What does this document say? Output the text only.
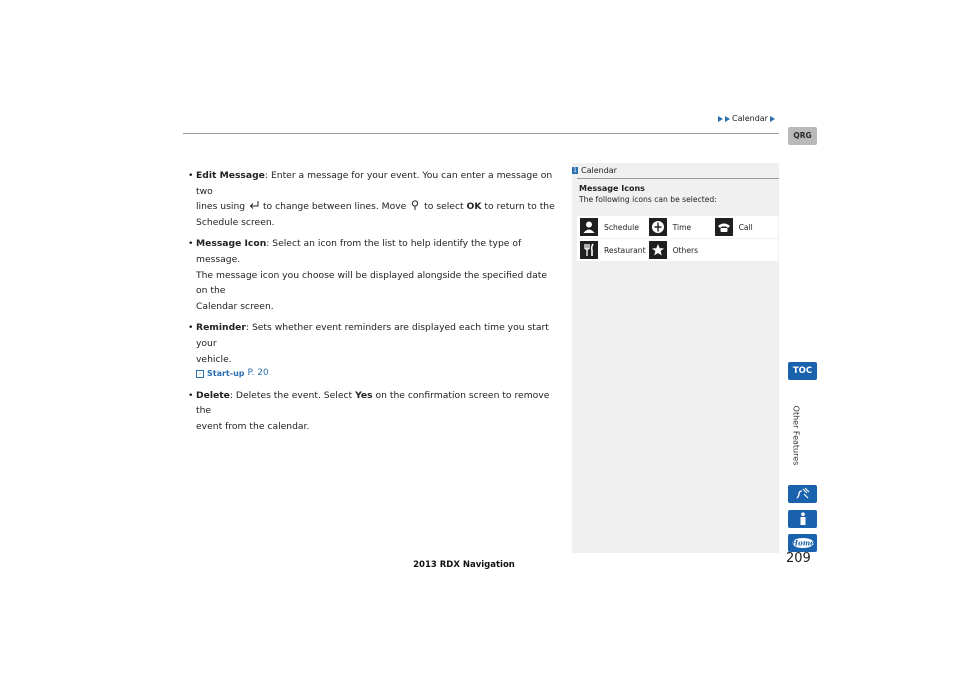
Calendar
• Edit Message: Enter a message for your event. You can enter a message on two
lines using to change between lines. Move to select OK to return to the
Schedule screen.
• Message Icon: Select an icon from the list to help identify the type of message.
The message icon you choose will be displayed alongside the specified date on the
Calendar screen.
• Reminder: Sets whether event reminders are displayed each time you start your
vehicle.
› Start-up P. 20
• Delete: Deletes the event. Select Yes on the confirmation screen to remove the
event from the calendar.
1 Calendar
Message Icons
The following icons can be selected:
	Schedule		Time		Call

	Restaurant		Others		
QRG
TOC
Other Features
Home
209
2013 RDX Navigation
